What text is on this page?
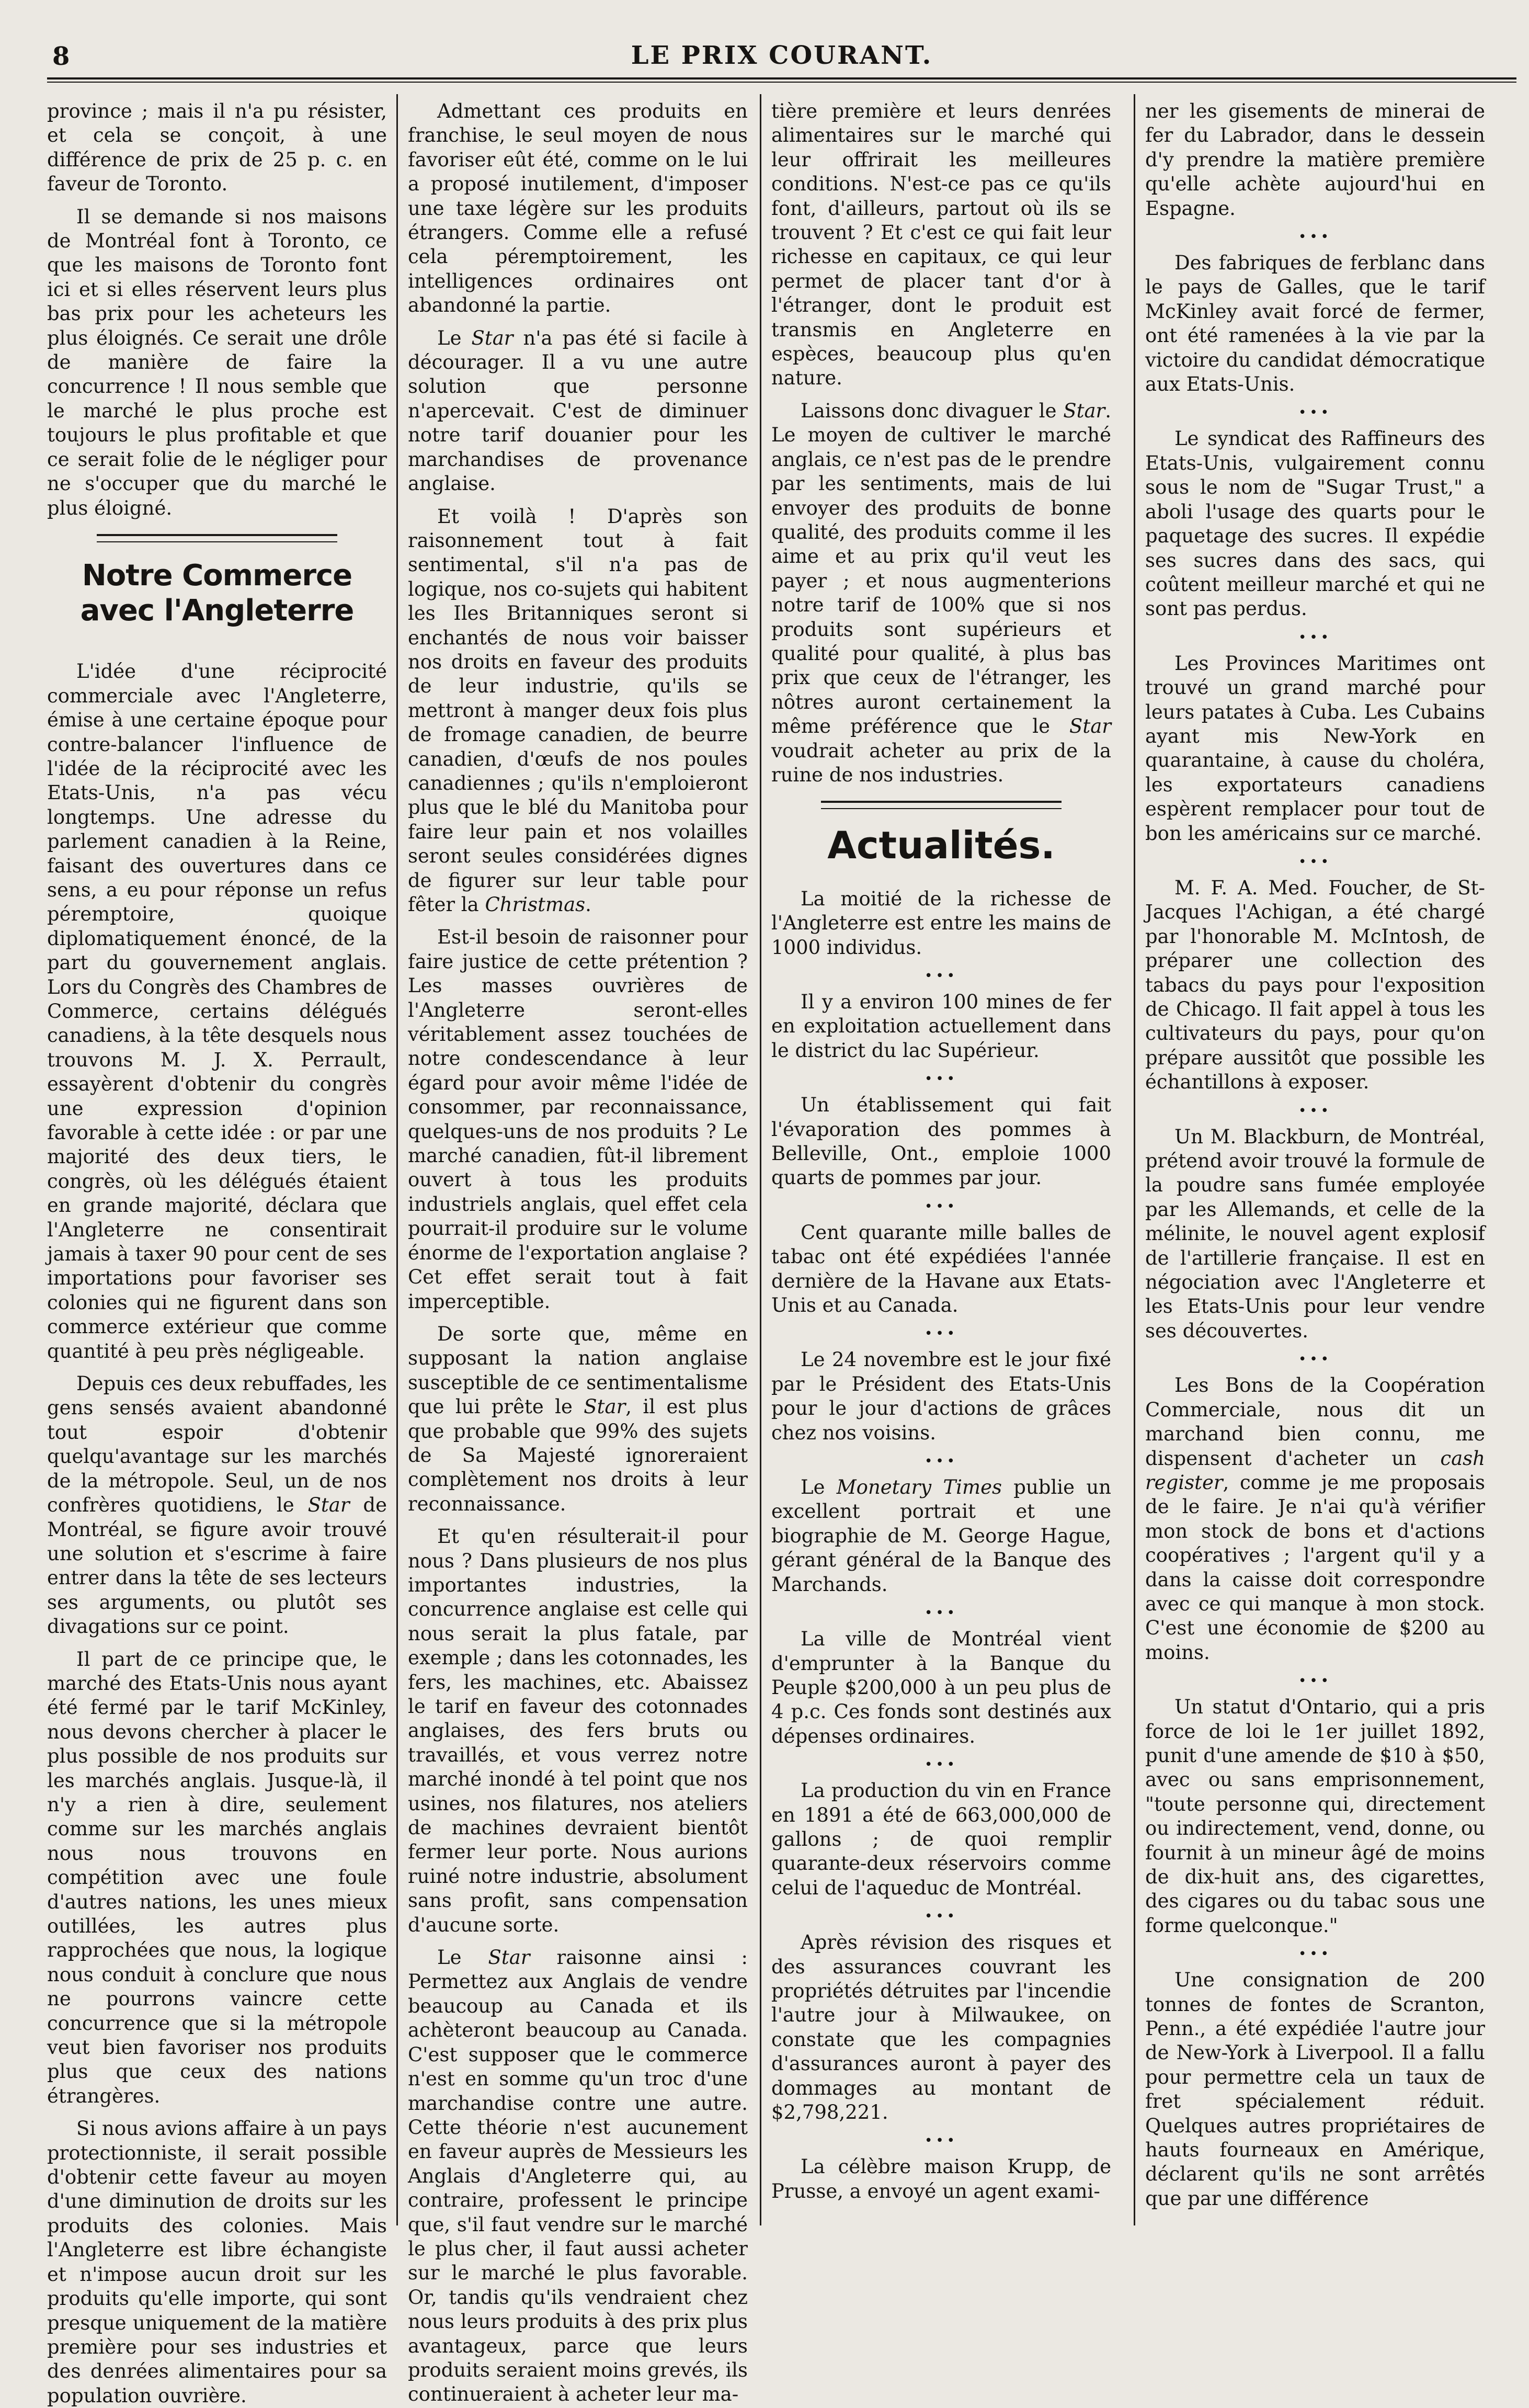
8	LE PRIX COURANT.

province ; mais il n'a pu résister, et cela se conçoit, à une différence de prix de 25 p. c. en faveur de Toronto.

Il se demande si nos maisons de Montréal font à Toronto, ce que les maisons de Toronto font ici et si elles réservent leurs plus bas prix pour les acheteurs les plus éloignés. Ce serait une drôle de manière de faire la concurrence ! Il nous semble que le marché le plus proche est toujours le plus profitable et que ce serait folie de le négliger pour ne s'occuper que du marché le plus éloigné.

Notre Commerce avec l'Angleterre

L'idée d'une réciprocité commerciale avec l'Angleterre, émise à une certaine époque pour contre-balancer l'influence de l'idée de la réciprocité avec les Etats-Unis, n'a pas vécu longtemps. Une adresse du parlement canadien à la Reine, faisant des ouvertures dans ce sens, a eu pour réponse un refus péremptoire, quoique diplomatiquement énoncé, de la part du gouvernement anglais. Lors du Congrès des Chambres de Commerce, certains délégués canadiens, à la tête desquels nous trouvons M. J. X. Perrault, essayèrent d'obtenir du congrès une expression d'opinion favorable à cette idée : or par une majorité des deux tiers, le congrès, où les délégués étaient en grande majorité, déclara que l'Angleterre ne consentirait jamais à taxer 90 pour cent de ses importations pour favoriser ses colonies qui ne figurent dans son commerce extérieur que comme quantité à peu près négligeable.

Depuis ces deux rebuffades, les gens sensés avaient abandonné tout espoir d'obtenir quelqu'avantage sur les marchés de la métropole. Seul, un de nos confrères quotidiens, le Star de Montréal, se figure avoir trouvé une solution et s'escrime à faire entrer dans la tête de ses lecteurs ses arguments, ou plutôt ses divagations sur ce point.

Il part de ce principe que, le marché des Etats-Unis nous ayant été fermé par le tarif McKinley, nous devons chercher à placer le plus possible de nos produits sur les marchés anglais. Jusque-là, il n'y a rien à dire, seulement comme sur les marchés anglais nous nous trouvons en compétition avec une foule d'autres nations, les unes mieux outillées, les autres plus rapprochées que nous, la logique nous conduit à conclure que nous ne pourrons vaincre cette concurrence que si la métropole veut bien favoriser nos produits plus que ceux des nations étrangères.

Si nous avions affaire à un pays protectionniste, il serait possible d'obtenir cette faveur au moyen d'une diminution de droits sur les produits des colonies. Mais l'Angleterre est libre échangiste et n'impose aucun droit sur les produits qu'elle importe, qui sont presque uniquement de la matière première pour ses industries et des denrées alimentaires pour sa population ouvrière.

Admettant ces produits en franchise, le seul moyen de nous favoriser eût été, comme on le lui a proposé inutilement, d'imposer une taxe légère sur les produits étrangers. Comme elle a refusé cela péremptoirement, les intelligences ordinaires ont abandonné la partie.

Le Star n'a pas été si facile à décourager. Il a vu une autre solution que personne n'apercevait. C'est de diminuer notre tarif douanier pour les marchandises de provenance anglaise.

Et voilà ! D'après son raisonnement tout à fait sentimental, s'il n'a pas de logique, nos co-sujets qui habitent les Iles Britanniques seront si enchantés de nous voir baisser nos droits en faveur des produits de leur industrie, qu'ils se mettront à manger deux fois plus de fromage canadien, de beurre canadien, d'œufs de nos poules canadiennes ; qu'ils n'emploieront plus que le blé du Manitoba pour faire leur pain et nos volailles seront seules considérées dignes de figurer sur leur table pour fêter la Christmas.

Est-il besoin de raisonner pour faire justice de cette prétention ? Les masses ouvrières de l'Angleterre seront-elles véritablement assez touchées de notre condescendance à leur égard pour avoir même l'idée de consommer, par reconnaissance, quelques-uns de nos produits ? Le marché canadien, fût-il librement ouvert à tous les produits industriels anglais, quel effet cela pourrait-il produire sur le volume énorme de l'exportation anglaise ? Cet effet serait tout à fait imperceptible.

De sorte que, même en supposant la nation anglaise susceptible de ce sentimentalisme que lui prête le Star, il est plus que probable que 99% des sujets de Sa Majesté ignoreraient complètement nos droits à leur reconnaissance.

Et qu'en résulterait-il pour nous ? Dans plusieurs de nos plus importantes industries, la concurrence anglaise est celle qui nous serait la plus fatale, par exemple ; dans les cotonnades, les fers, les machines, etc. Abaissez le tarif en faveur des cotonnades anglaises, des fers bruts ou travaillés, et vous verrez notre marché inondé à tel point que nos usines, nos filatures, nos ateliers de machines devraient bientôt fermer leur porte. Nous aurions ruiné notre industrie, absolument sans profit, sans compensation d'aucune sorte.

Le Star raisonne ainsi : Permettez aux Anglais de vendre beaucoup au Canada et ils achèteront beaucoup au Canada. C'est supposer que le commerce n'est en somme qu'un troc d'une marchandise contre une autre. Cette théorie n'est aucunement en faveur auprès de Messieurs les Anglais d'Angleterre qui, au contraire, professent le principe que, s'il faut vendre sur le marché le plus cher, il faut aussi acheter sur le marché le plus favorable. Or, tandis qu'ils vendraient chez nous leurs produits à des prix plus avantageux, parce que leurs produits seraient moins grevés, ils continueraient à acheter leur ma-

tière première et leurs denrées alimentaires sur le marché qui leur offrirait les meilleures conditions. N'est-ce pas ce qu'ils font, d'ailleurs, partout où ils se trouvent ? Et c'est ce qui fait leur richesse en capitaux, ce qui leur permet de placer tant d'or à l'étranger, dont le produit est transmis en Angleterre en espèces, beaucoup plus qu'en nature.

Laissons donc divaguer le Star. Le moyen de cultiver le marché anglais, ce n'est pas de le prendre par les sentiments, mais de lui envoyer des produits de bonne qualité, des produits comme il les aime et au prix qu'il veut les payer ; et nous augmenterions notre tarif de 100% que si nos produits sont supérieurs et qualité pour qualité, à plus bas prix que ceux de l'étranger, les nôtres auront certainement la même préférence que le Star voudrait acheter au prix de la ruine de nos industries.

Actualités.

La moitié de la richesse de l'Angleterre est entre les mains de 1000 individus.

•••

Il y a environ 100 mines de fer en exploitation actuellement dans le district du lac Supérieur.

•••

Un établissement qui fait l'évaporation des pommes à Belleville, Ont., emploie 1000 quarts de pommes par jour.

•••

Cent quarante mille balles de tabac ont été expédiées l'année dernière de la Havane aux Etats-Unis et au Canada.

•••

Le 24 novembre est le jour fixé par le Président des Etats-Unis pour le jour d'actions de grâces chez nos voisins.

•••

Le Monetary Times publie un excellent portrait et une biographie de M. George Hague, gérant général de la Banque des Marchands.

•••

La ville de Montréal vient d'emprunter à la Banque du Peuple $200,000 à un peu plus de 4 p.c. Ces fonds sont destinés aux dépenses ordinaires.

•••

La production du vin en France en 1891 a été de 663,000,000 de gallons ; de quoi remplir quarante-deux réservoirs comme celui de l'aqueduc de Montréal.

•••

Après révision des risques et des assurances couvrant les propriétés détruites par l'incendie l'autre jour à Milwaukee, on constate que les compagnies d'assurances auront à payer des dommages au montant de $2,798,221.

•••

La célèbre maison Krupp, de Prusse, a envoyé un agent exami-

ner les gisements de minerai de fer du Labrador, dans le dessein d'y prendre la matière première qu'elle achète aujourd'hui en Espagne.

•••

Des fabriques de ferblanc dans le pays de Galles, que le tarif McKinley avait forcé de fermer, ont été ramenées à la vie par la victoire du candidat démocratique aux Etats-Unis.

•••

Le syndicat des Raffineurs des Etats-Unis, vulgairement connu sous le nom de "Sugar Trust," a aboli l'usage des quarts pour le paquetage des sucres. Il expédie ses sucres dans des sacs, qui coûtent meilleur marché et qui ne sont pas perdus.

•••

Les Provinces Maritimes ont trouvé un grand marché pour leurs patates à Cuba. Les Cubains ayant mis New-York en quarantaine, à cause du choléra, les exportateurs canadiens espèrent remplacer pour tout de bon les américains sur ce marché.

•••

M. F. A. Med. Foucher, de St-Jacques l'Achigan, a été chargé par l'honorable M. McIntosh, de préparer une collection des tabacs du pays pour l'exposition de Chicago. Il fait appel à tous les cultivateurs du pays, pour qu'on prépare aussitôt que possible les échantillons à exposer.

•••

Un M. Blackburn, de Montréal, prétend avoir trouvé la formule de la poudre sans fumée employée par les Allemands, et celle de la mélinite, le nouvel agent explosif de l'artillerie française. Il est en négociation avec l'Angleterre et les Etats-Unis pour leur vendre ses découvertes.

•••

Les Bons de la Coopération Commerciale, nous dit un marchand bien connu, me dispensent d'acheter un cash register, comme je me proposais de le faire. Je n'ai qu'à vérifier mon stock de bons et d'actions coopératives ; l'argent qu'il y a dans la caisse doit correspondre avec ce qui manque à mon stock. C'est une économie de $200 au moins.

•••

Un statut d'Ontario, qui a pris force de loi le 1er juillet 1892, punit d'une amende de $10 à $50, avec ou sans emprisonnement, "toute personne qui, directement ou indirectement, vend, donne, ou fournit à un mineur âgé de moins de dix-huit ans, des cigarettes, des cigares ou du tabac sous une forme quelconque."

•••

Une consignation de 200 tonnes de fontes de Scranton, Penn., a été expédiée l'autre jour de New-York à Liverpool. Il a fallu pour permettre cela un taux de fret spécialement réduit. Quelques autres propriétaires de hauts fourneaux en Amérique, déclarent qu'ils ne sont arrêtés que par une différence
